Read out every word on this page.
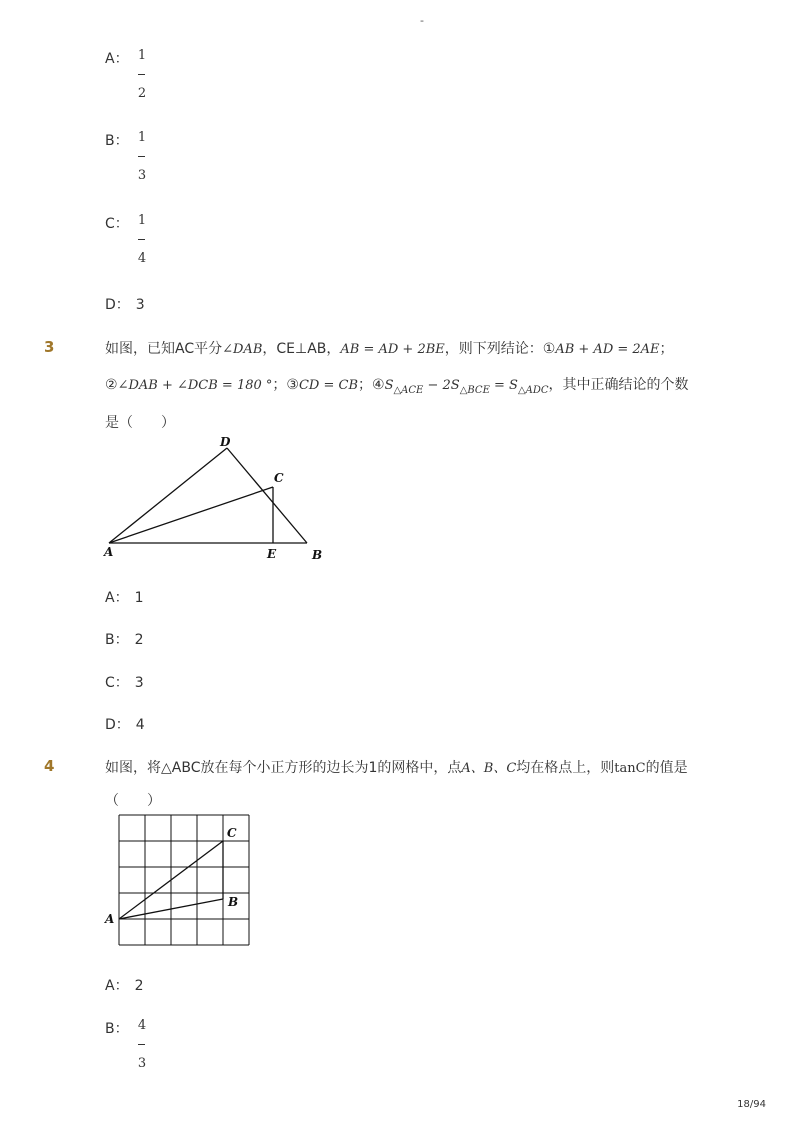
-
A： 1
2
B： 1
3
C： 1
4
D： 3
3	如图，已知AC平分∠DAB，CE⊥AB，AB = AD + 2BE，则下列结论：①AB + AD = 2AE；
②∠DAB + ∠DCB = 180 °；③CD = CB；$④S_{\triangle ACE} - 2S_{\triangle BCE} = S_{\triangle ADC}$，其中正确结论的个数
是（　　）
D
C
A	E	B
A： 1
B： 2
C： 3
D： 4
4	如图，将△ABC放在每个小正方形的边长为1的网格中，点A、B、C均在格点上，则tanC的值是
（　　）
C
B
A
A： 2
B： 4
3
18/94
